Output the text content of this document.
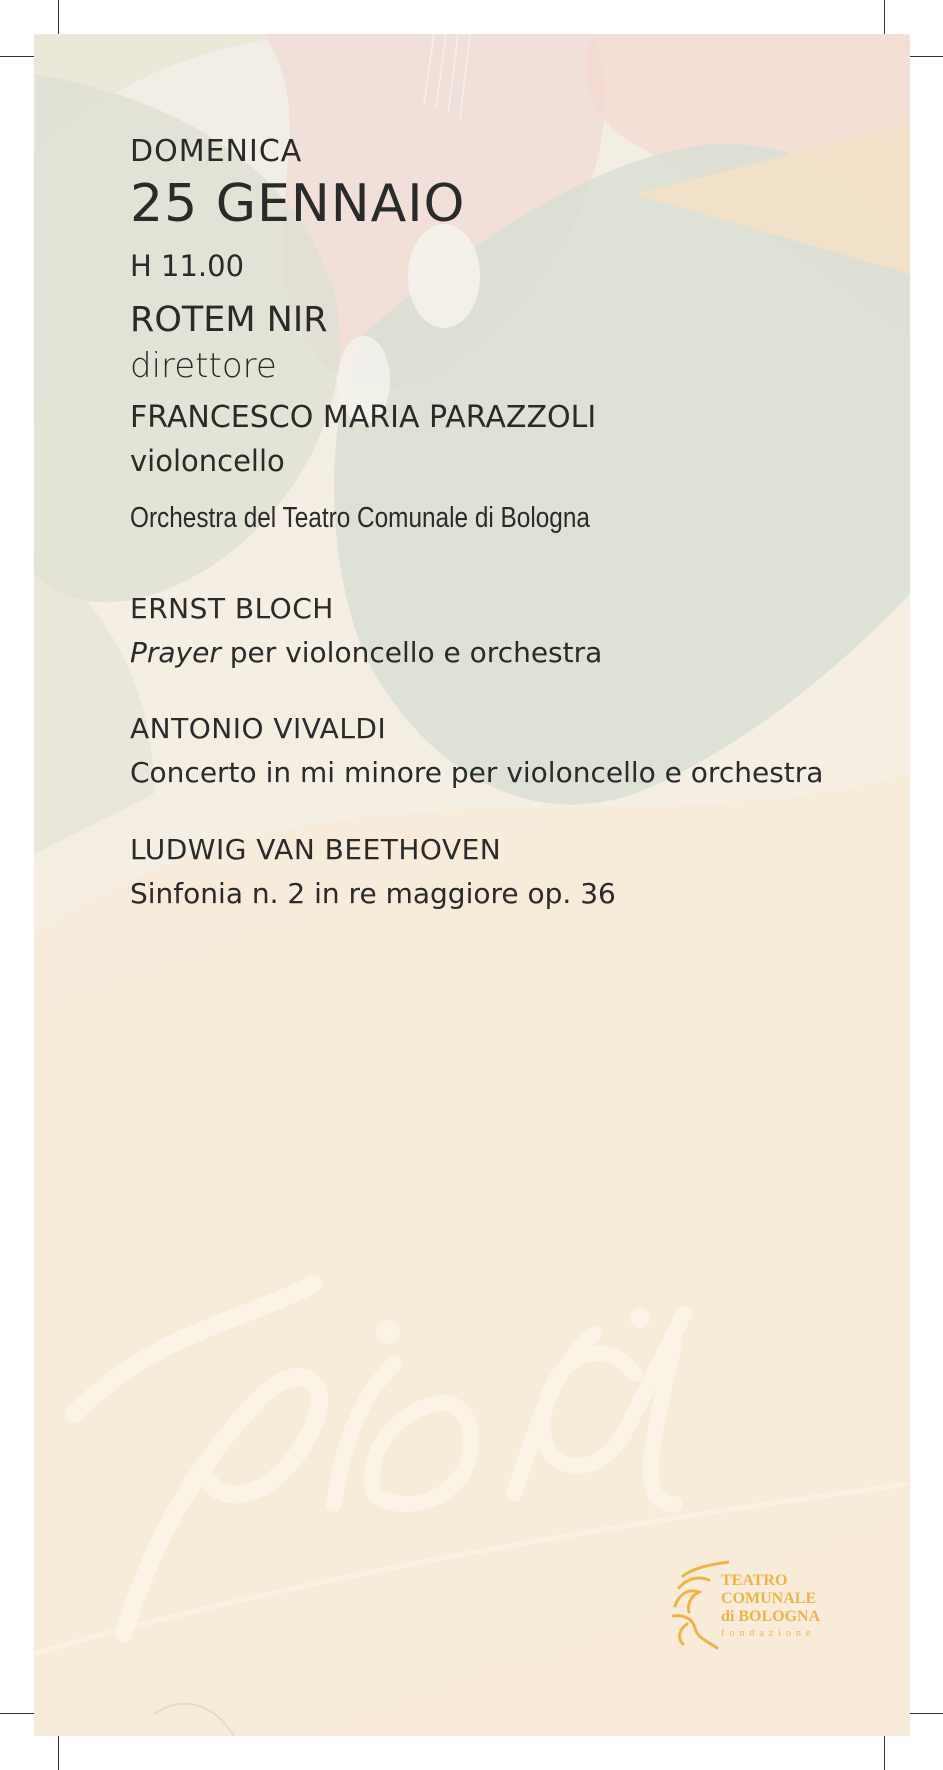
DOMENICA
25 GENNAIO
H 11.00
ROTEM NIR
direttore
FRANCESCO MARIA PARAZZOLI
violoncello
Orchestra del Teatro Comunale di Bologna
ERNST BLOCH
Prayer per violoncello e orchestra
ANTONIO VIVALDI
Concerto in mi minore per violoncello e orchestra
LUDWIG VAN BEETHOVEN
Sinfonia n. 2 in re maggiore op. 36
TEATRO
COMUNALE
di BOLOGNA
fondazione
